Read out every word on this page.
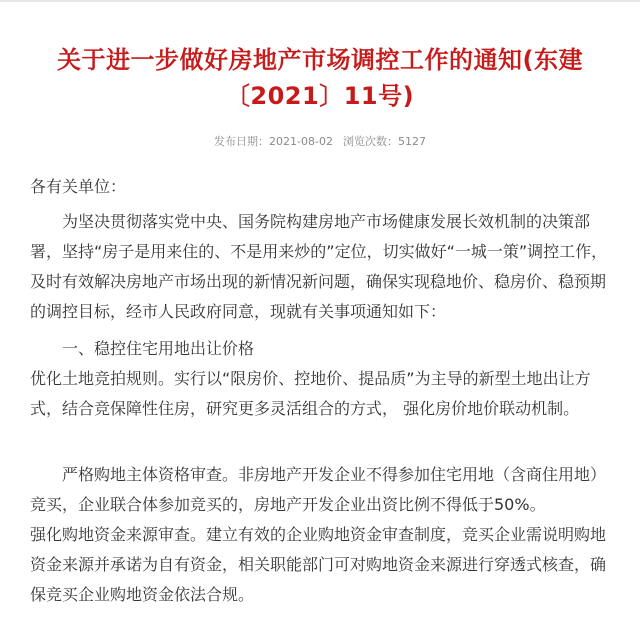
关于进一步做好房地产市场调控工作的通知(东建〔2021〕11号)
发布日期：2021-08-02 浏览次数：5127

各有关单位：

为坚决贯彻落实党中央、国务院构建房地产市场健康发展长效机制的决策部署，坚持“房子是用来住的、不是用来炒的”定位，切实做好“一城一策”调控工作，及时有效解决房地产市场出现的新情况新问题，确保实现稳地价、稳房价、稳预期的调控目标，经市人民政府同意，现就有关事项通知如下：

一、稳控住宅用地出让价格

优化土地竞拍规则。实行以“限房价、控地价、提品质”为主导的新型土地出让方式，结合竞保障性住房，研究更多灵活组合的方式， 强化房价地价联动机制。

严格购地主体资格审查。非房地产开发企业不得参加住宅用地（含商住用地）竞买，企业联合体参加竞买的，房地产开发企业出资比例不得低于50%。

强化购地资金来源审查。建立有效的企业购地资金审查制度，竞买企业需说明购地资金来源并承诺为自有资金，相关职能部门可对购地资金来源进行穿透式核查，确保竞买企业购地资金依法合规。
